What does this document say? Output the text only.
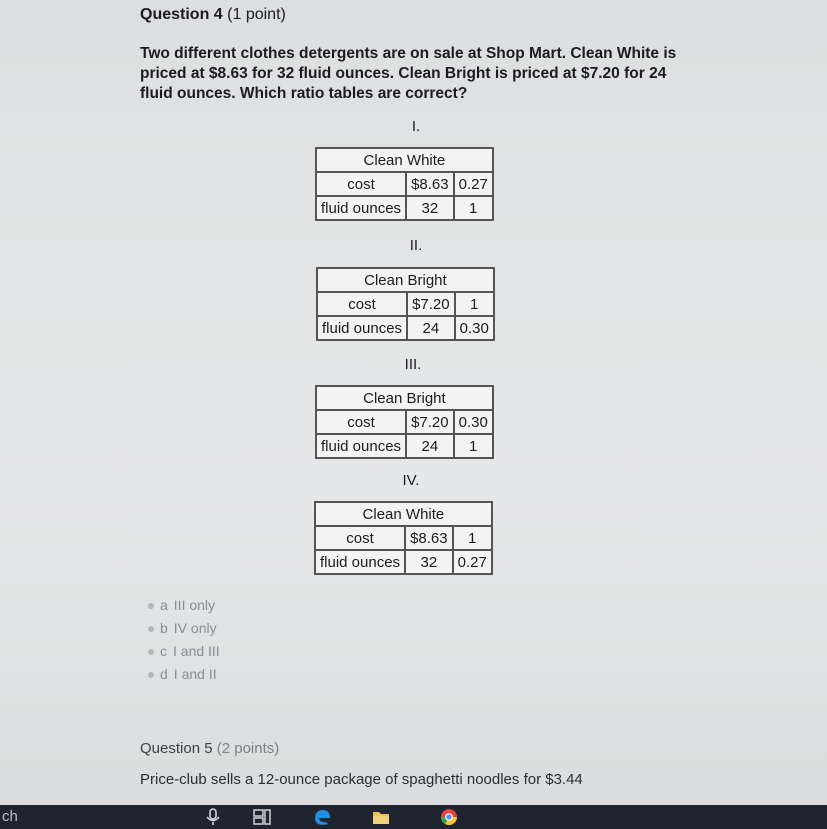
Question 4 (1 point)
Two different clothes detergents are on sale at Shop Mart. Clean White is priced at $8.63 for 32 fluid ounces. Clean Bright is priced at $7.20 for 24 fluid ounces. Which ratio tables are correct?
I.
Clean White		
cost	$8.63	0.27
fluid ounces	32	1
II.
Clean Bright		
cost	$7.20	1
fluid ounces	24	0.30
III.
Clean Bright		
cost	$7.20	0.30
fluid ounces	24	1
IV.
Clean White		
cost	$8.63	1
fluid ounces	32	0.27
a III only
b IV only
c I and III
d I and II
Question 5 (2 points)
Price-club sells a 12-ounce package of spaghetti noodles for $3.44
ch
